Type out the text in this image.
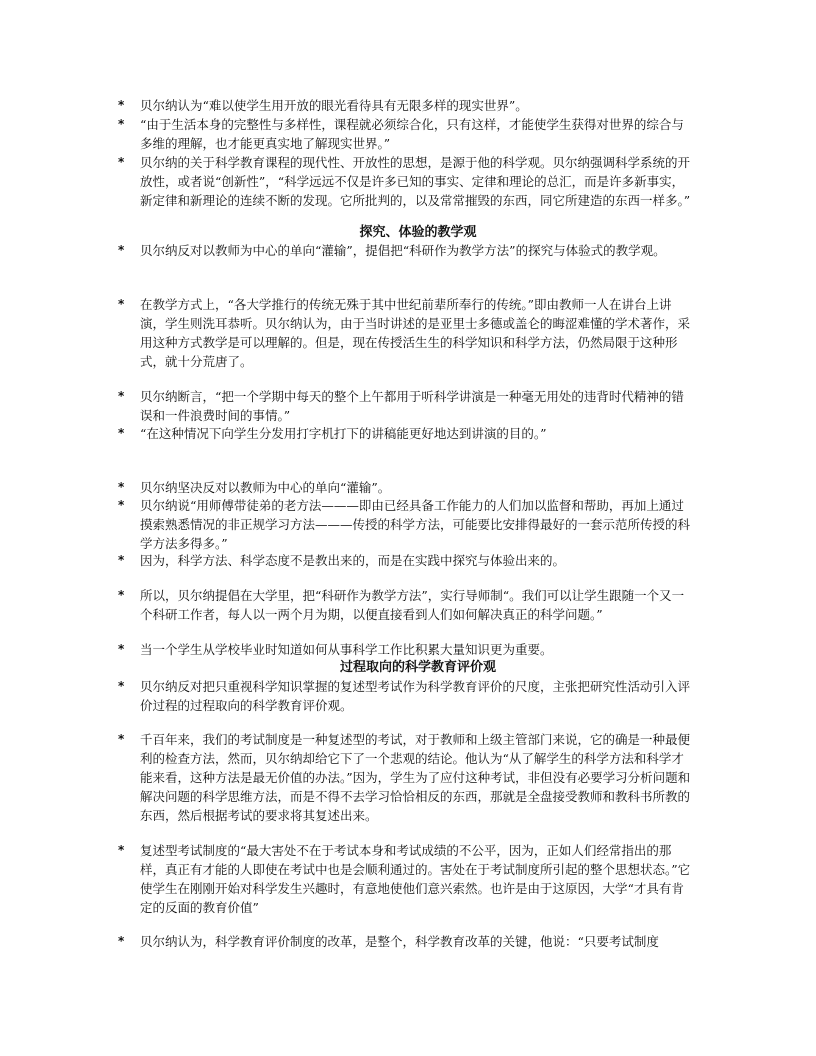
* 贝尔纳认为“难以使学生用开放的眼光看待具有无限多样的现实世界”。
* “由于生活本身的完整性与多样性，课程就必须综合化，只有这样，才能使学生获得对世界的综合与多维的理解，也才能更真实地了解现实世界。”
* 贝尔纳的关于科学教育课程的现代性、开放性的思想，是源于他的科学观。贝尔纳强调科学系统的开放性，或者说“创新性”，“科学远远不仅是许多已知的事实、定律和理论的总汇，而是许多新事实，新定律和新理论的连续不断的发现。它所批判的，以及常常摧毁的东西，同它所建造的东西一样多。”
探究、体验的教学观
* 贝尔纳反对以教师为中心的单向“灌输”，提倡把“科研作为教学方法”的探究与体验式的教学观。
* 在教学方式上，“各大学推行的传统无殊于其中世纪前辈所奉行的传统。”即由教师一人在讲台上讲演，学生则洗耳恭听。贝尔纳认为，由于当时讲述的是亚里士多德或盖仑的晦涩难懂的学术著作，采用这种方式教学是可以理解的。但是，现在传授活生生的科学知识和科学方法，仍然局限于这种形式，就十分荒唐了。
* 贝尔纳断言，“把一个学期中每天的整个上午都用于听科学讲演是一种毫无用处的违背时代精神的错误和一件浪费时间的事情。”
* “在这种情况下向学生分发用打字机打下的讲稿能更好地达到讲演的目的。”
* 贝尔纳坚决反对以教师为中心的单向“灌输”。
* 贝尔纳说“用师傅带徒弟的老方法———即由已经具备工作能力的人们加以监督和帮助，再加上通过摸索熟悉情况的非正规学习方法———传授的科学方法，可能要比安排得最好的一套示范所传授的科学方法多得多。”
* 因为，科学方法、科学态度不是教出来的，而是在实践中探究与体验出来的。
* 所以，贝尔纳提倡在大学里，把“科研作为教学方法”，实行导师制“。我们可以让学生跟随一个又一个科研工作者，每人以一两个月为期，以便直接看到人们如何解决真正的科学问题。”
* 当一个学生从学校毕业时知道如何从事科学工作比积累大量知识更为重要。
过程取向的科学教育评价观
* 贝尔纳反对把只重视科学知识掌握的复述型考试作为科学教育评价的尺度，主张把研究性活动引入评价过程的过程取向的科学教育评价观。
* 千百年来，我们的考试制度是一种复述型的考试，对于教师和上级主管部门来说，它的确是一种最便利的检查方法，然而，贝尔纳却给它下了一个悲观的结论。他认为“从了解学生的科学方法和科学才能来看，这种方法是最无价值的办法。”因为，学生为了应付这种考试，非但没有必要学习分析问题和解决问题的科学思维方法，而是不得不去学习恰恰相反的东西，那就是全盘接受教师和教科书所教的东西，然后根据考试的要求将其复述出来。
* 复述型考试制度的“最大害处不在于考试本身和考试成绩的不公平，因为，正如人们经常指出的那样，真正有才能的人即使在考试中也是会顺利通过的。害处在于考试制度所引起的整个思想状态。”它使学生在刚刚开始对科学发生兴趣时，有意地使他们意兴索然。也许是由于这原因，大学“才具有肯定的反面的教育价值”
* 贝尔纳认为，科学教育评价制度的改革，是整个，科学教育改革的关键，他说：“只要考试制度
